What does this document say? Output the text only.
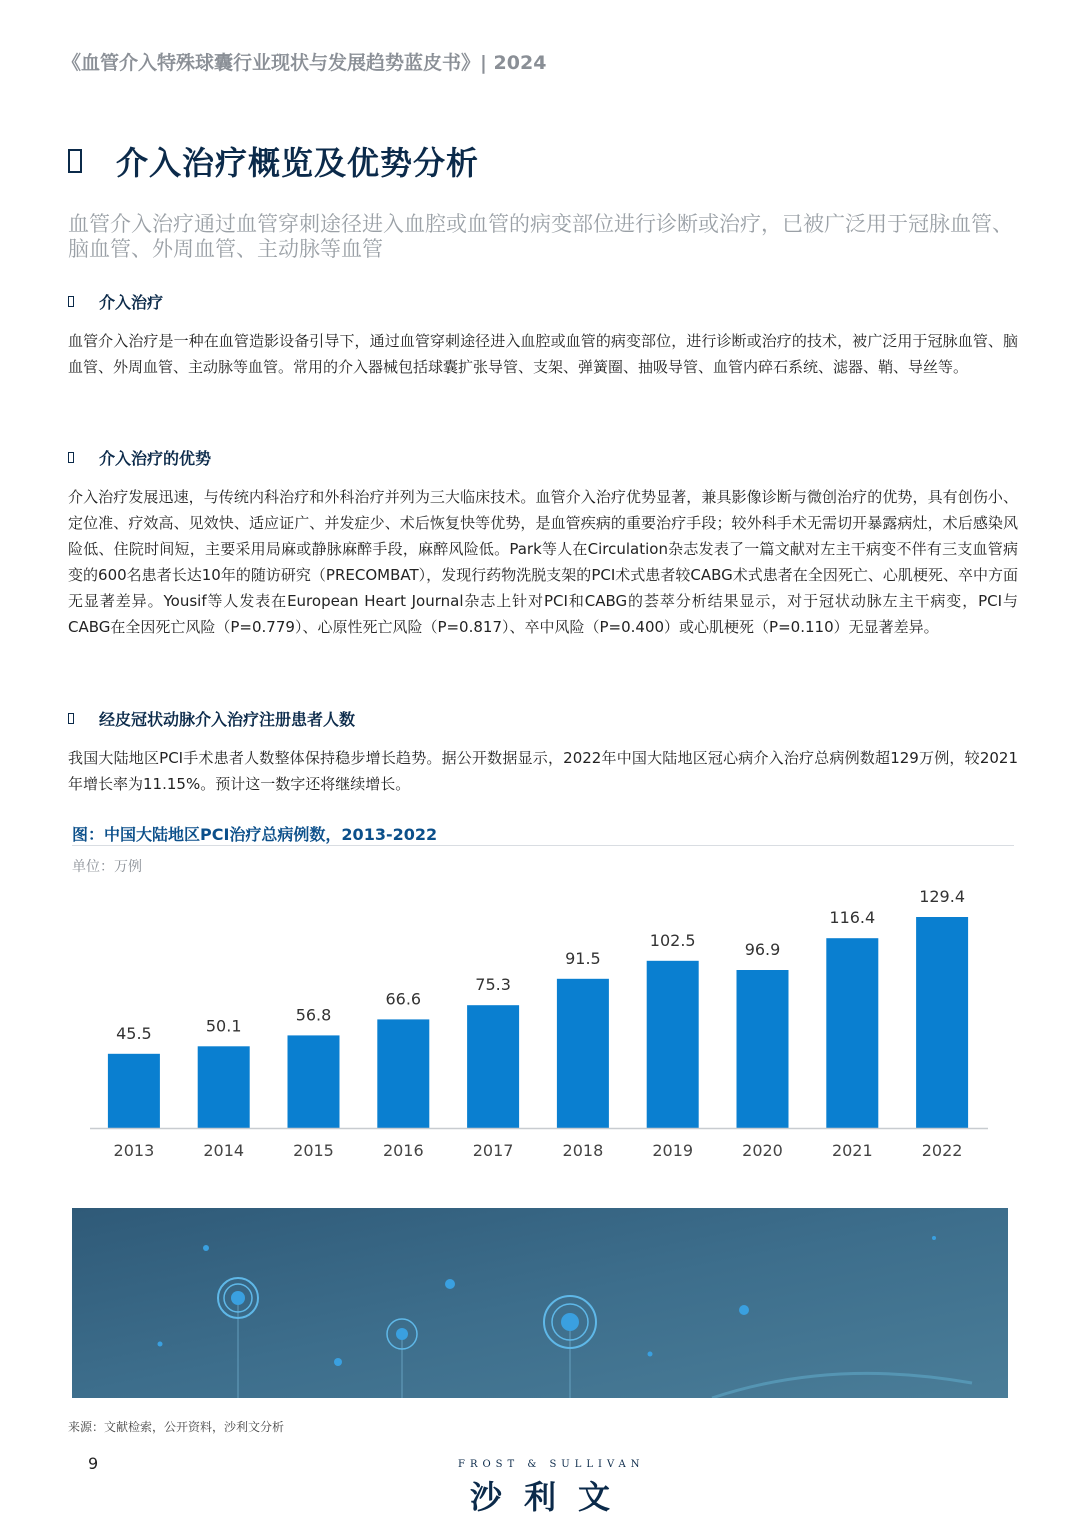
《血管介入特殊球囊行业现状与发展趋势蓝皮书》| 2024
介入治疗概览及优势分析
血管介入治疗通过血管穿刺途径进入血腔或血管的病变部位进行诊断或治疗，已被广泛用于冠脉血管、脑血管、外周血管、主动脉等血管
介入治疗
血管介入治疗是一种在血管造影设备引导下，通过血管穿刺途径进入血腔或血管的病变部位，进行诊断或治疗的技术，被广泛用于冠脉血管、脑血管、外周血管、主动脉等血管。常用的介入器械包括球囊扩张导管、支架、弹簧圈、抽吸导管、血管内碎石系统、滤器、鞘、导丝等。
介入治疗的优势
介入治疗发展迅速，与传统内科治疗和外科治疗并列为三大临床技术。血管介入治疗优势显著，兼具影像诊断与微创治疗的优势，具有创伤小、定位准、疗效高、见效快、适应证广、并发症少、术后恢复快等优势，是血管疾病的重要治疗手段；较外科手术无需切开暴露病灶，术后感染风险低、住院时间短，主要采用局麻或静脉麻醉手段，麻醉风险低。Park等人在Circulation杂志发表了一篇文献对左主干病变不伴有三支血管病变的600名患者长达10年的随访研究（PRECOMBAT），发现行药物洗脱支架的PCI术式患者较CABG术式患者在全因死亡、心肌梗死、卒中方面无显著差异。Yousif等人发表在European Heart Journal杂志上针对PCI和CABG的荟萃分析结果显示，对于冠状动脉左主干病变，PCI与CABG在全因死亡风险（P=0.779）、心原性死亡风险（P=0.817）、卒中风险（P=0.400）或心肌梗死（P=0.110）无显著差异。
经皮冠状动脉介入治疗注册患者人数
我国大陆地区PCI手术患者人数整体保持稳步增长趋势。据公开数据显示，2022年中国大陆地区冠心病介入治疗总病例数超129万例，较2021年增长率为11.15%。预计这一数字还将继续增长。
图：中国大陆地区PCI治疗总病例数，2013-2022
单位：万例
45.5
2013
50.1
2014
56.8
2015
66.6
2016
75.3
2017
91.5
2018
102.5
2019
96.9
2020
116.4
2021
129.4
2022
来源：文献检索，公开资料，沙利文分析
9	FROST & SULLIVAN
沙利文
